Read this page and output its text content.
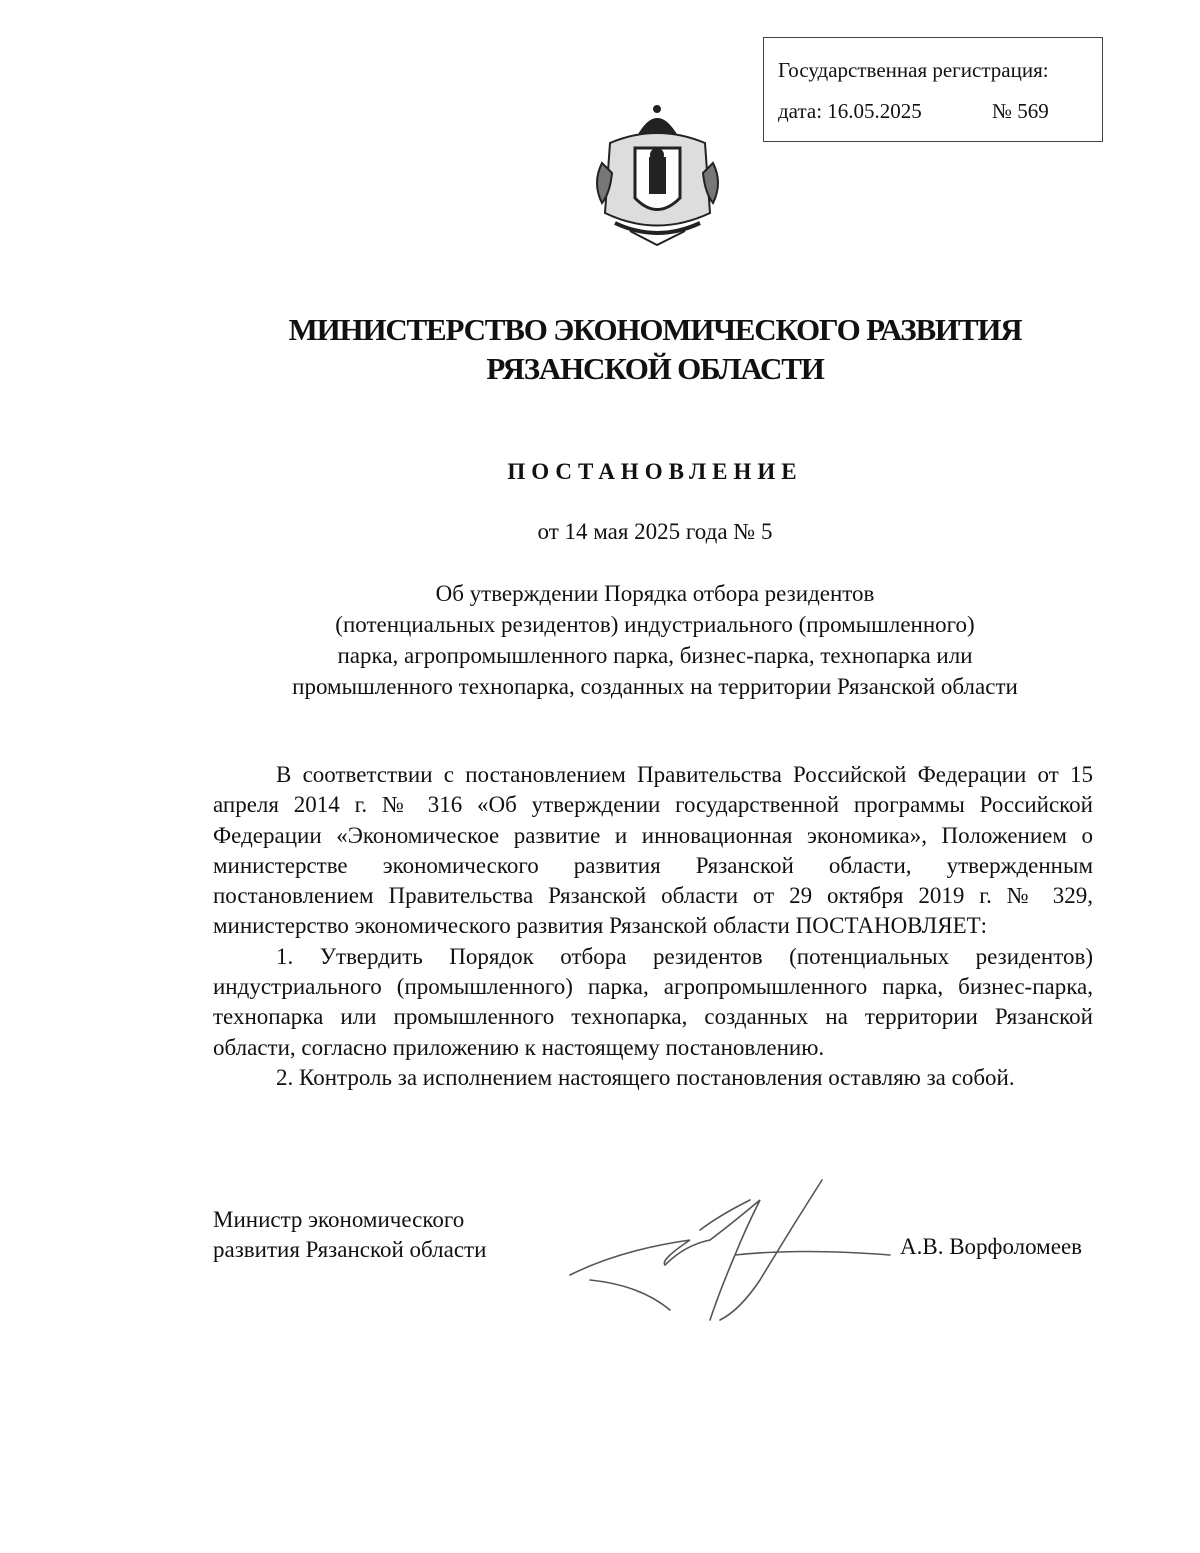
Государственная регистрация:
дата: 16.05.2025	№ 569
МИНИСТЕРСТВО ЭКОНОМИЧЕСКОГО РАЗВИТИЯ
РЯЗАНСКОЙ ОБЛАСТИ
ПОСТАНОВЛЕНИЕ
от 14 мая 2025 года № 5
Об утверждении Порядка отбора резидентов
(потенциальных резидентов) индустриального (промышленного)
парка, агропромышленного парка, бизнес-парка, технопарка или
промышленного технопарка, созданных на территории Рязанской области

В соответствии с постановлением Правительства Российской Федерации от 15 апреля 2014 г. № 316 «Об утверждении государственной программы Российской Федерации «Экономическое развитие и инновационная экономика», Положением о министерстве экономического развития Рязанской области, утвержденным постановлением Правительства Рязанской области от 29 октября 2019 г. № 329, министерство экономического развития Рязанской области ПОСТАНОВЛЯЕТ:

1. Утвердить Порядок отбора резидентов (потенциальных резидентов) индустриального (промышленного) парка, агропромышленного парка, бизнес-парка, технопарка или промышленного технопарка, созданных на территории Рязанской области, согласно приложению к настоящему постановлению.

2. Контроль за исполнением настоящего постановления оставляю за собой.

Министр экономического
развития Рязанской области	А.В. Ворфоломеев
